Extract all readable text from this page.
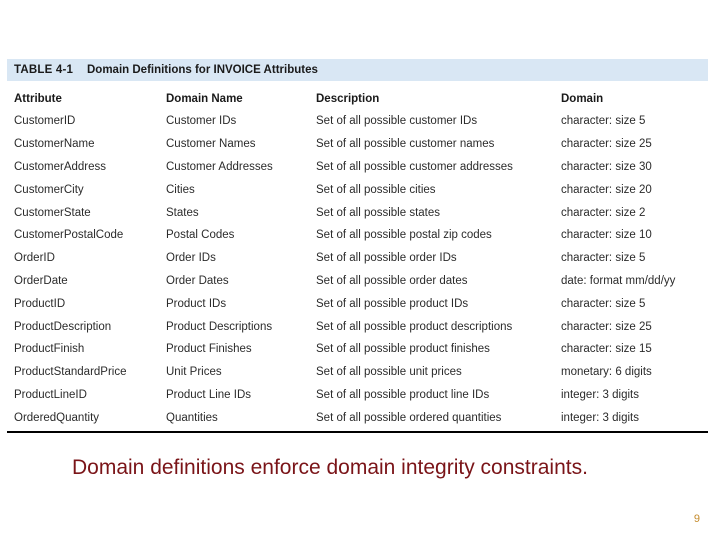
TABLE 4-1	Domain Definitions for INVOICE Attributes
Attribute	Domain Name	Description	Domain
CustomerID	Customer IDs	Set of all possible customer IDs	character: size 5
CustomerName	Customer Names	Set of all possible customer names	character: size 25
CustomerAddress	Customer Addresses	Set of all possible customer addresses	character: size 30
CustomerCity	Cities	Set of all possible cities	character: size 20
CustomerState	States	Set of all possible states	character: size 2
CustomerPostalCode	Postal Codes	Set of all possible postal zip codes	character: size 10
OrderID	Order IDs	Set of all possible order IDs	character: size 5
OrderDate	Order Dates	Set of all possible order dates	date: format mm/dd/yy
ProductID	Product IDs	Set of all possible product IDs	character: size 5
ProductDescription	Product Descriptions	Set of all possible product descriptions	character: size 25
ProductFinish	Product Finishes	Set of all possible product finishes	character: size 15
ProductStandardPrice	Unit Prices	Set of all possible unit prices	monetary: 6 digits
ProductLineID	Product Line IDs	Set of all possible product line IDs	integer: 3 digits
OrderedQuantity	Quantities	Set of all possible ordered quantities	integer: 3 digits
Domain definitions enforce domain integrity constraints.
9
